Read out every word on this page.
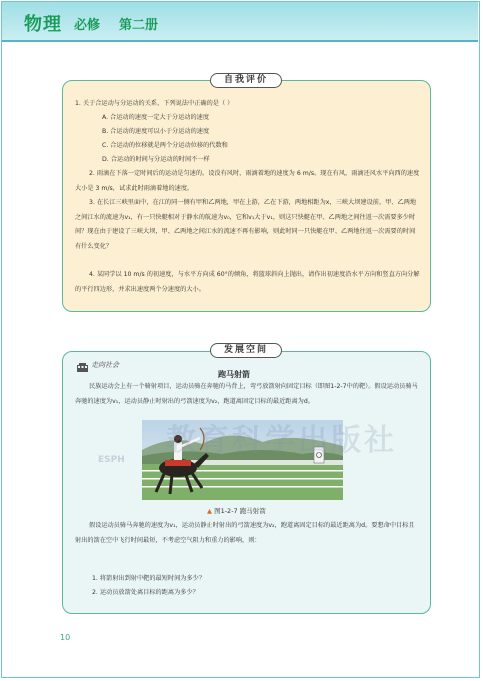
物理 必修 第二册
自我评价
1. 关于合运动与分运动的关系，下列说法中正确的是（ ）
A. 合运动的速度一定大于分运动的速度
B. 合运动的速度可以小于分运动的速度
C. 合运动的位移就是两个分运动位移的代数和
D. 合运动的时间与分运动的时间不一样
2. 雨滴在下落一定时间后的运动是匀速的。设没有风时，雨滴着地的速度为 6 m/s。现在有风，雨滴还风水平向西的速度大小是 3 m/s，试求此时雨滴着地的速度。
3. 在长江三峡里面中，在江的同一侧有甲和乙两地，甲在上游，乙在下游，两地相距为x，三峡大坝建设前，甲、乙两地之间江水的流速为v₁，有一只快艇相对于静水的航速为v₀，它和v₁大于v₁，则这只快艇在甲、乙两地之间往返一次需要多少时间？现在由于建设了三峡大坝，甲、乙两地之间江水的流速不再有影响，则此时同一只快艇在甲、乙两地往返一次需要的时间有什么变化？
4. 某同学以 10 m/s 的初速度，与水平方向成 60°的倾角，将篮球斜向上抛出，请作出初速度沿水平方向和竖直方向分解的平行四边形，并求出速度两个分速度的大小。
发展空间
走向社会
跑马射箭
民族运动会上有一个骑射项目，运动员骑在奔驰的马背上，弯弓放箭射向固定目标（即图1-2-7中的靶）。假设运动员骑马奔驰的速度为v₁，运动员静止时射出的弓箭速度为v₂，跑道离固定目标的最近距离为d。
教育科学出版社
ESPH
▲ 图1-2-7 跑马射箭
假设运动员骑马奔驰的速度为v₁，运动员静止时射出的弓箭速度为v₂，跑道离固定目标的最近距离为d。要想命中目标且射出的箭在空中飞行时间最短，不考虑空气阻力和重力的影响，则：
1. 将箭射出到射中靶的最短时间为多少？
2. 运动员放箭处离目标的距离为多少？
10
